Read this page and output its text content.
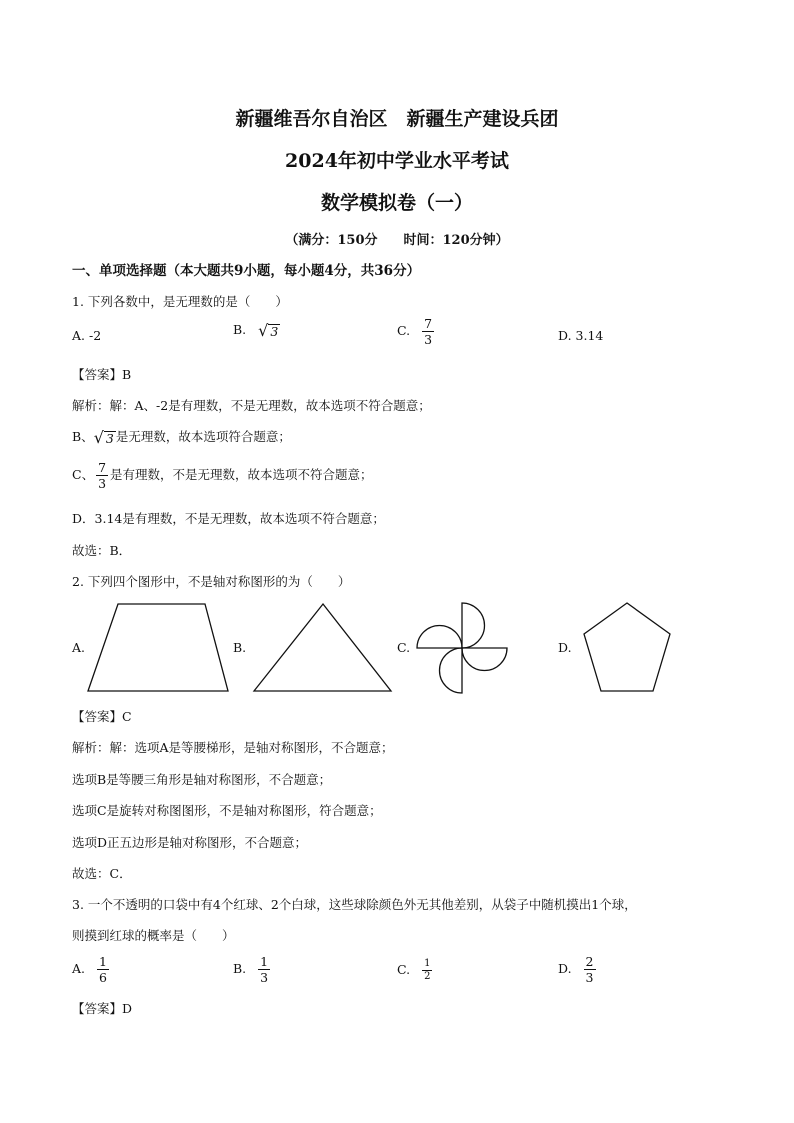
新疆维吾尔自治区　新疆生产建设兵团
2024年初中学业水平考试
数学模拟卷（一）
（满分：150分　　时间：120分钟）
一、单项选择题（本大题共9小题，每小题4分，共36分）
1. 下列各数中，是无理数的是（　　）
A. -2	B. √ 3	C. $\frac{7}{3}$	D. 3.14
【答案】B
解析：解：A、-2是有理数，不是无理数，故本选项不符合题意；
B、 √ 3 是无理数，故本选项符合题意；
C、 $\frac{7}{3}$ 是有理数，不是无理数，故本选项不符合题意；
D．3.14是有理数，不是无理数，故本选项不符合题意；
故选：B．
2. 下列四个图形中，不是轴对称图形的为（　　）
A.	B.	C.	D.
【答案】C
解析：解：选项A是等腰梯形，是轴对称图形，不合题意；
选项B是等腰三角形是轴对称图形，不合题意；
选项C是旋转对称图图形，不是轴对称图形，符合题意；
选项D正五边形是轴对称图形，不合题意；
故选：C．
3. 一个不透明的口袋中有4个红球、2个白球，这些球除颜色外无其他差别，从袋子中随机摸出1个球，
则摸到红球的概率是（　　）
A. $\frac{1}{6}$	B. $\frac{1}{3}$	C. $\frac{1}{2}$	D. $\frac{2}{3}$
【答案】D
